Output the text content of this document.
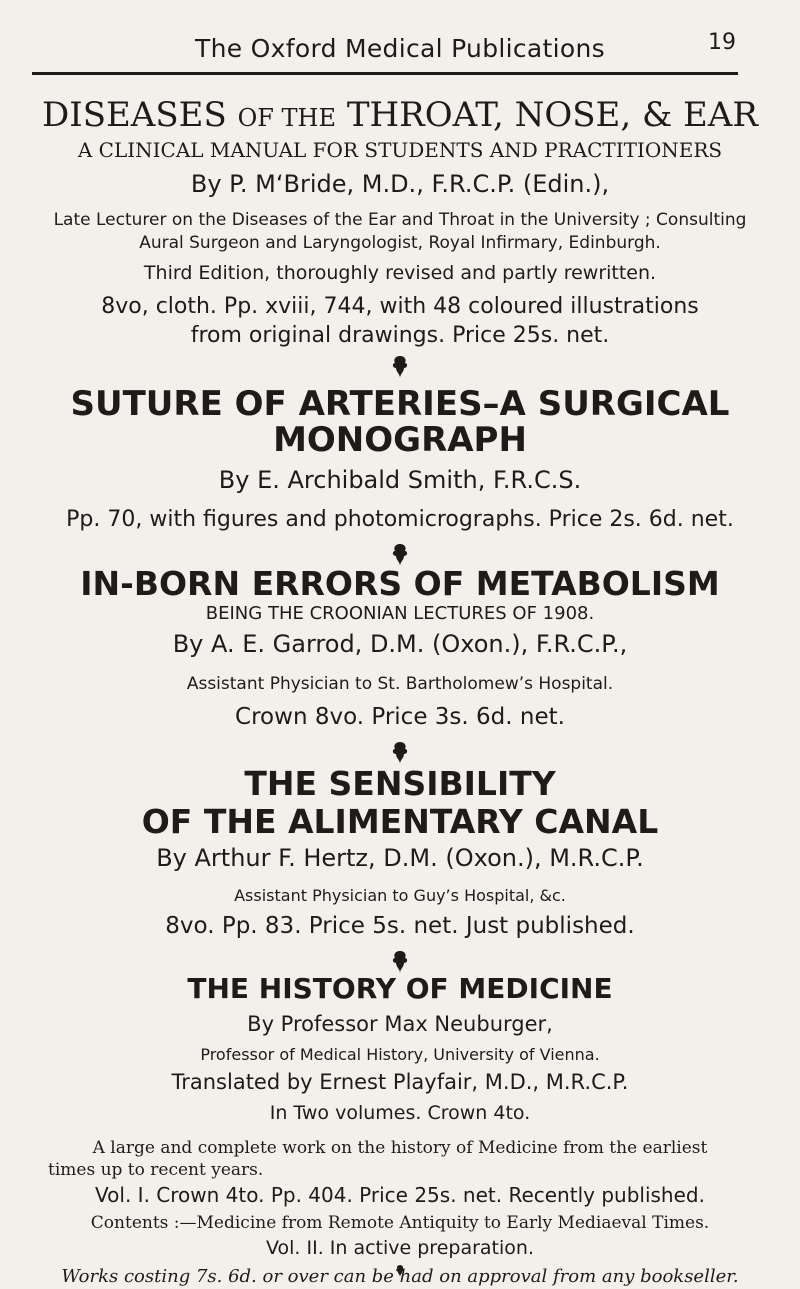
The Oxford Medical Publications	19
DISEASES OF THE THROAT, NOSE, & EAR
A CLINICAL MANUAL FOR STUDENTS AND PRACTITIONERS
By P. M‘Bride, M.D., F.R.C.P. (Edin.),
Late Lecturer on the Diseases of the Ear and Throat in the University ; Consulting
Aural Surgeon and Laryngologist, Royal Infirmary, Edinburgh.
Third Edition, thoroughly revised and partly rewritten.
8vo, cloth. Pp. xviii, 744, with 48 coloured illustrations
from original drawings. Price 25s. net.
SUTURE OF ARTERIES–A SURGICAL
MONOGRAPH
By E. Archibald Smith, F.R.C.S.
Pp. 70, with figures and photomicrographs. Price 2s. 6d. net.
IN-BORN ERRORS OF METABOLISM
BEING THE CROONIAN LECTURES OF 1908.
By A. E. Garrod, D.M. (Oxon.), F.R.C.P.,
Assistant Physician to St. Bartholomew’s Hospital.
Crown 8vo. Price 3s. 6d. net.
THE SENSIBILITY
OF THE ALIMENTARY CANAL
By Arthur F. Hertz, D.M. (Oxon.), M.R.C.P.
Assistant Physician to Guy’s Hospital, &c.
8vo. Pp. 83. Price 5s. net. Just published.
THE HISTORY OF MEDICINE
By Professor Max Neuburger,
Professor of Medical History, University of Vienna.
Translated by Ernest Playfair, M.D., M.R.C.P.
In Two volumes. Crown 4to.
A large and complete work on the history of Medicine from the earliest
times up to recent years.
Vol. I. Crown 4to. Pp. 404. Price 25s. net. Recently published.
Contents :—Medicine from Remote Antiquity to Early Mediaeval Times.
Vol. II. In active preparation.
Works costing 7s. 6d. or over can be had on approval from any bookseller.
